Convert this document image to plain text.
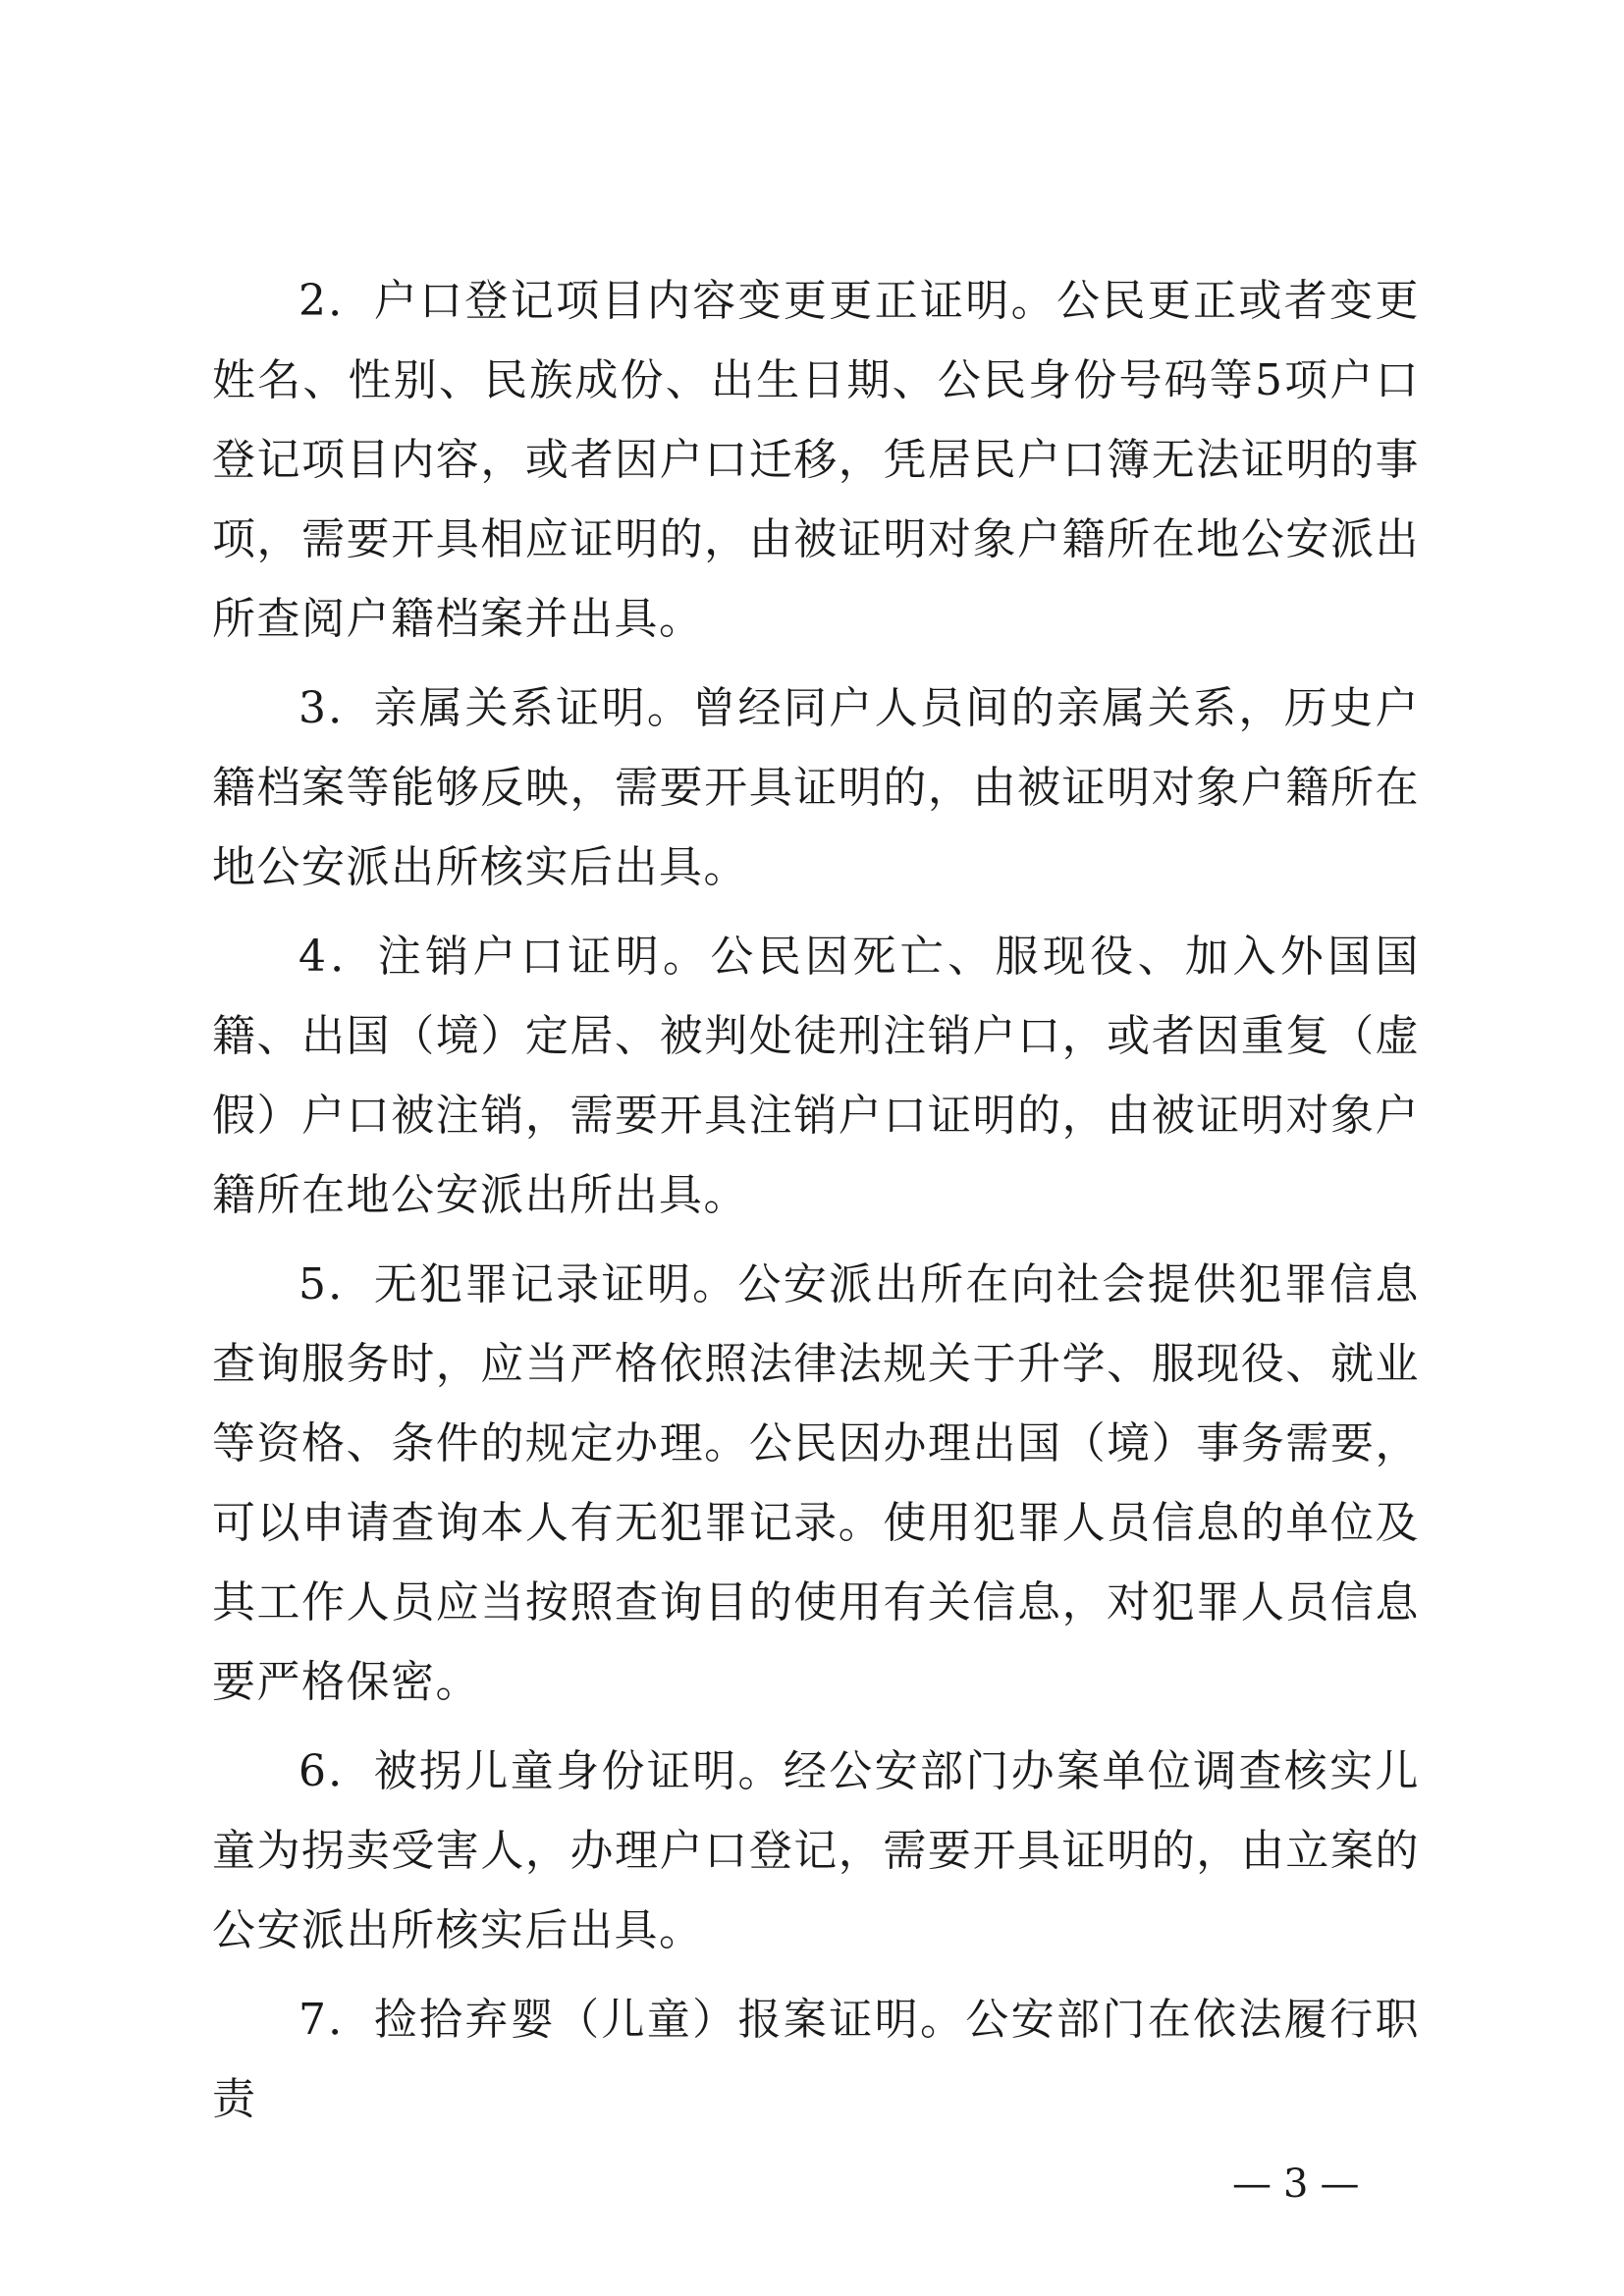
2．户口登记项目内容变更更正证明。公民更正或者变更姓名、性别、民族成份、出生日期、公民身份号码等5项户口登记项目内容，或者因户口迁移，凭居民户口簿无法证明的事项，需要开具相应证明的，由被证明对象户籍所在地公安派出所查阅户籍档案并出具。

3．亲属关系证明。曾经同户人员间的亲属关系，历史户籍档案等能够反映，需要开具证明的，由被证明对象户籍所在地公安派出所核实后出具。

4．注销户口证明。公民因死亡、服现役、加入外国国籍、出国（境）定居、被判处徒刑注销户口，或者因重复（虚假）户口被注销，需要开具注销户口证明的，由被证明对象户籍所在地公安派出所出具。

5．无犯罪记录证明。公安派出所在向社会提供犯罪信息查询服务时，应当严格依照法律法规关于升学、服现役、就业等资格、条件的规定办理。公民因办理出国（境）事务需要，可以申请查询本人有无犯罪记录。使用犯罪人员信息的单位及其工作人员应当按照查询目的使用有关信息，对犯罪人员信息要严格保密。

6．被拐儿童身份证明。经公安部门办案单位调查核实儿童为拐卖受害人，办理户口登记，需要开具证明的，由立案的公安派出所核实后出具。

7．捡拾弃婴（儿童）报案证明。公安部门在依法履行职责

— 3 —
